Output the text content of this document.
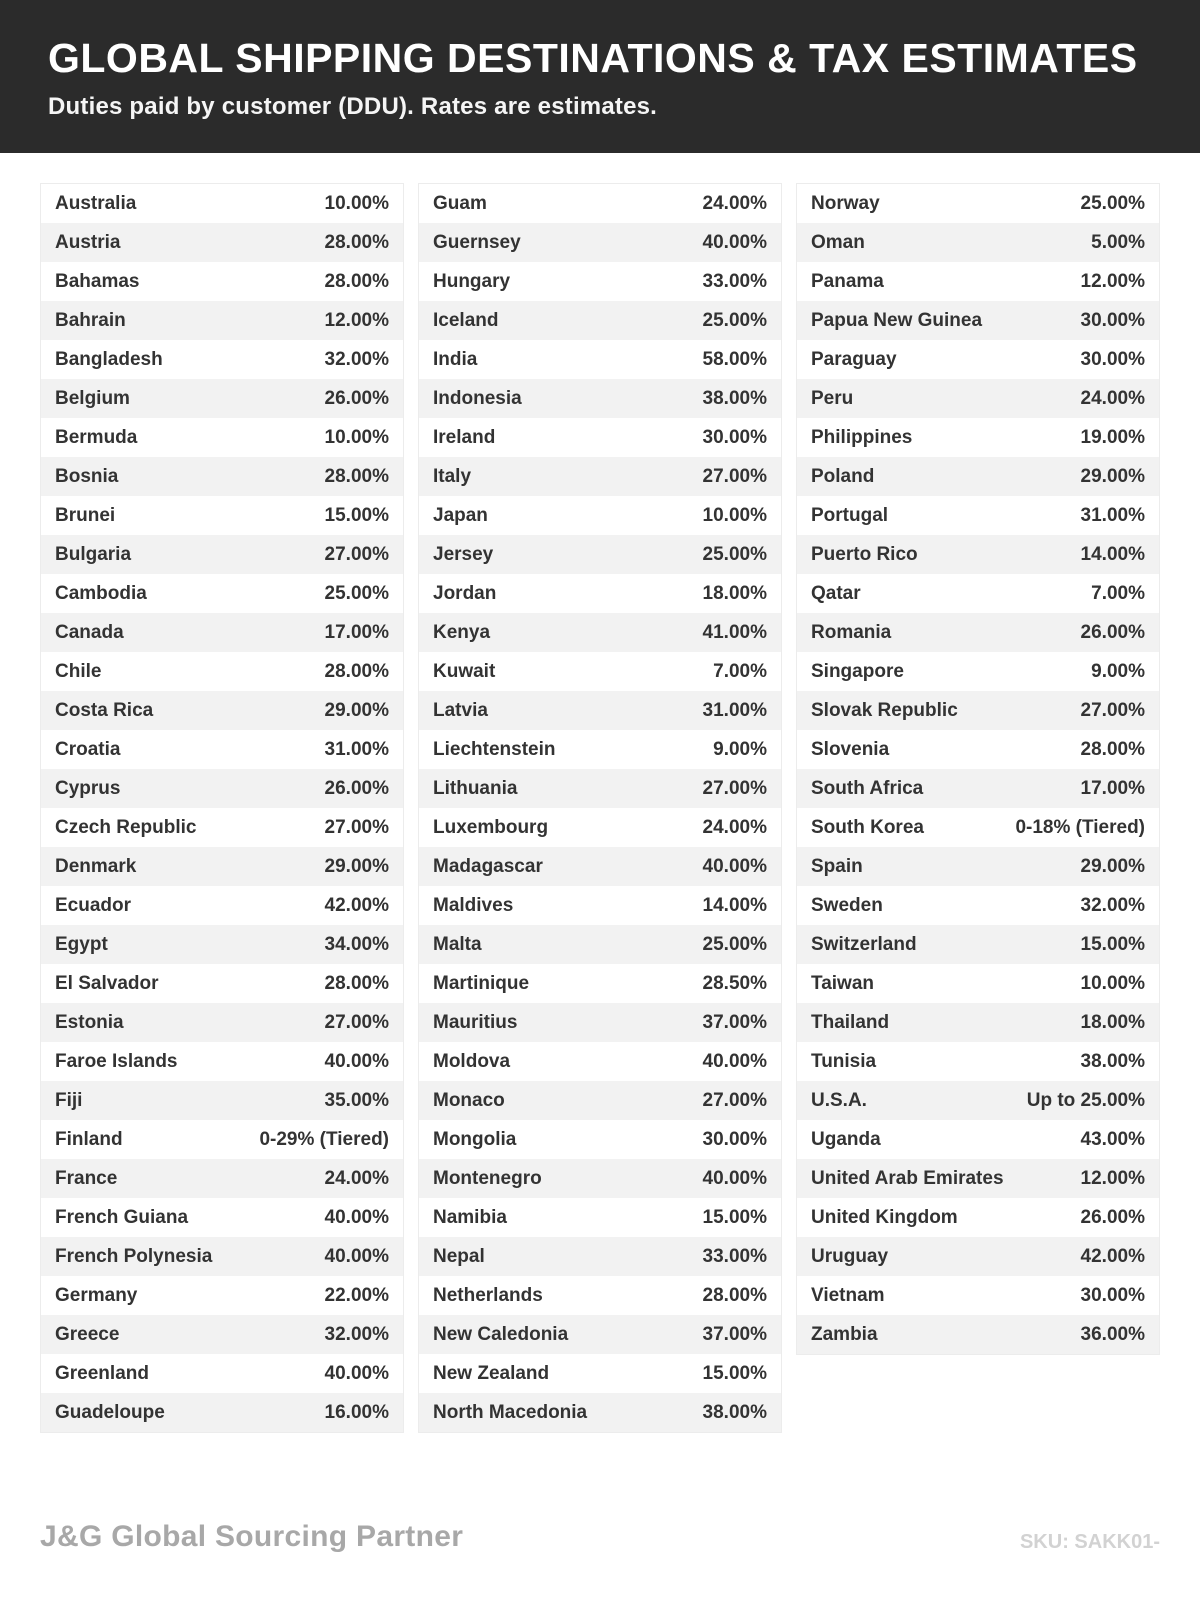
GLOBAL SHIPPING DESTINATIONS & TAX ESTIMATES
Duties paid by customer (DDU). Rates are estimates.
Australia	10.00%
Austria	28.00%
Bahamas	28.00%
Bahrain	12.00%
Bangladesh	32.00%
Belgium	26.00%
Bermuda	10.00%
Bosnia	28.00%
Brunei	15.00%
Bulgaria	27.00%
Cambodia	25.00%
Canada	17.00%
Chile	28.00%
Costa Rica	29.00%
Croatia	31.00%
Cyprus	26.00%
Czech Republic	27.00%
Denmark	29.00%
Ecuador	42.00%
Egypt	34.00%
El Salvador	28.00%
Estonia	27.00%
Faroe Islands	40.00%
Fiji	35.00%
Finland	0-29% (Tiered)
France	24.00%
French Guiana	40.00%
French Polynesia	40.00%
Germany	22.00%
Greece	32.00%
Greenland	40.00%
Guadeloupe	16.00%
Guam	24.00%
Guernsey	40.00%
Hungary	33.00%
Iceland	25.00%
India	58.00%
Indonesia	38.00%
Ireland	30.00%
Italy	27.00%
Japan	10.00%
Jersey	25.00%
Jordan	18.00%
Kenya	41.00%
Kuwait	7.00%
Latvia	31.00%
Liechtenstein	9.00%
Lithuania	27.00%
Luxembourg	24.00%
Madagascar	40.00%
Maldives	14.00%
Malta	25.00%
Martinique	28.50%
Mauritius	37.00%
Moldova	40.00%
Monaco	27.00%
Mongolia	30.00%
Montenegro	40.00%
Namibia	15.00%
Nepal	33.00%
Netherlands	28.00%
New Caledonia	37.00%
New Zealand	15.00%
North Macedonia	38.00%
Norway	25.00%
Oman	5.00%
Panama	12.00%
Papua New Guinea	30.00%
Paraguay	30.00%
Peru	24.00%
Philippines	19.00%
Poland	29.00%
Portugal	31.00%
Puerto Rico	14.00%
Qatar	7.00%
Romania	26.00%
Singapore	9.00%
Slovak Republic	27.00%
Slovenia	28.00%
South Africa	17.00%
South Korea	0-18% (Tiered)
Spain	29.00%
Sweden	32.00%
Switzerland	15.00%
Taiwan	10.00%
Thailand	18.00%
Tunisia	38.00%
U.S.A.	Up to 25.00%
Uganda	43.00%
United Arab Emirates	12.00%
United Kingdom	26.00%
Uruguay	42.00%
Vietnam	30.00%
Zambia	36.00%
J&G Global Sourcing Partner	SKU: SAKK01-
